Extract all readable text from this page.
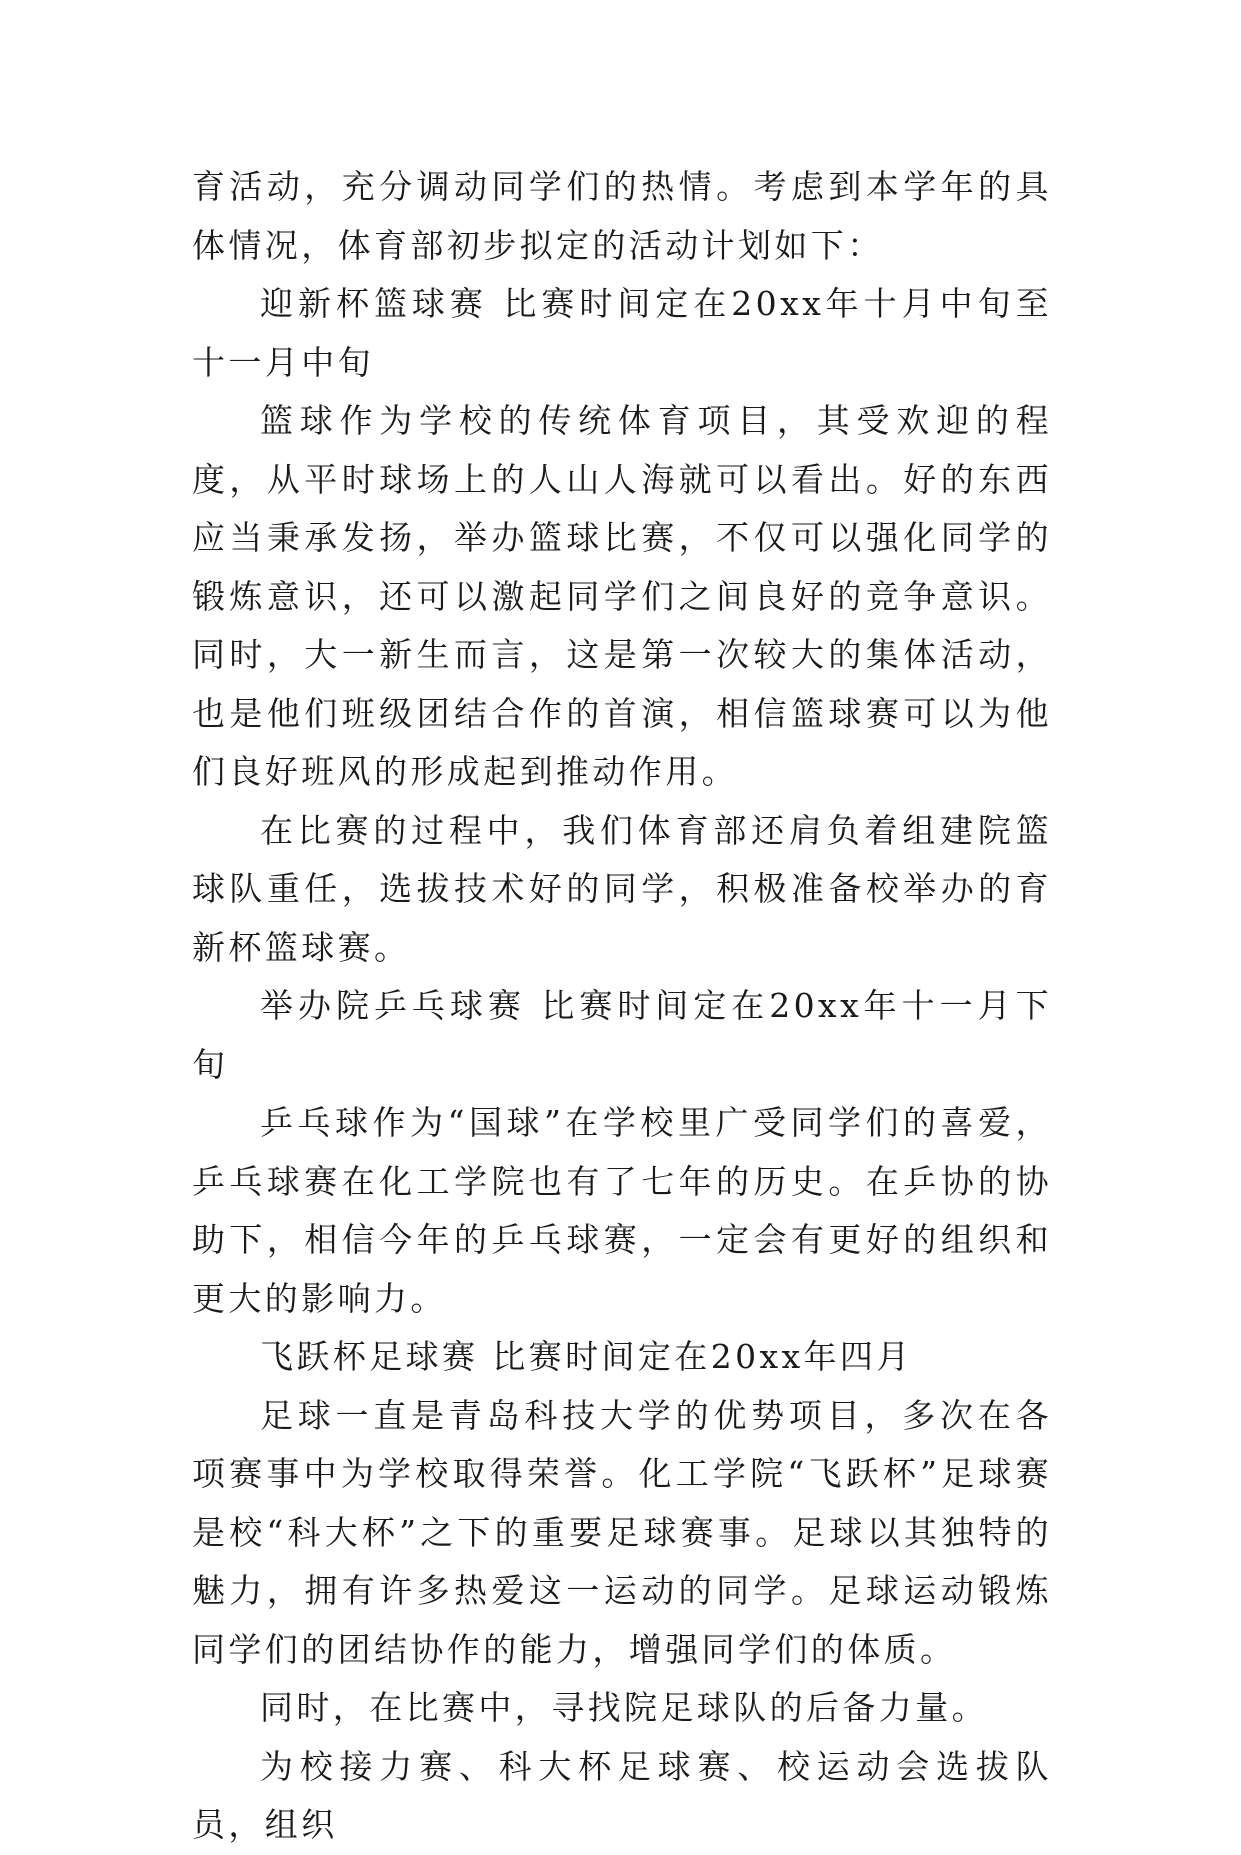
育活动，充分调动同学们的热情。考虑到本学年的具体情况，体育部初步拟定的活动计划如下：

迎新杯篮球赛 比赛时间定在20xx年十月中旬至十一月中旬

篮球作为学校的传统体育项目，其受欢迎的程度，从平时球场上的人山人海就可以看出。好的东西应当秉承发扬，举办篮球比赛，不仅可以强化同学的锻炼意识，还可以激起同学们之间良好的竞争意识。同时，大一新生而言，这是第一次较大的集体活动，也是他们班级团结合作的首演，相信篮球赛可以为他们良好班风的形成起到推动作用。

在比赛的过程中，我们体育部还肩负着组建院篮球队重任，选拔技术好的同学，积极准备校举办的育新杯篮球赛。

举办院乒乓球赛 比赛时间定在20xx年十一月下旬

乒乓球作为“国球”在学校里广受同学们的喜爱，乒乓球赛在化工学院也有了七年的历史。在乒协的协助下，相信今年的乒乓球赛，一定会有更好的组织和更大的影响力。

飞跃杯足球赛 比赛时间定在20xx年四月

足球一直是青岛科技大学的优势项目，多次在各项赛事中为学校取得荣誉。化工学院“飞跃杯”足球赛是校“科大杯”之下的重要足球赛事。足球以其独特的魅力，拥有许多热爱这一运动的同学。足球运动锻炼同学们的团结协作的能力，增强同学们的体质。

同时，在比赛中，寻找院足球队的后备力量。

为校接力赛、科大杯足球赛、校运动会选拔队员，组织
